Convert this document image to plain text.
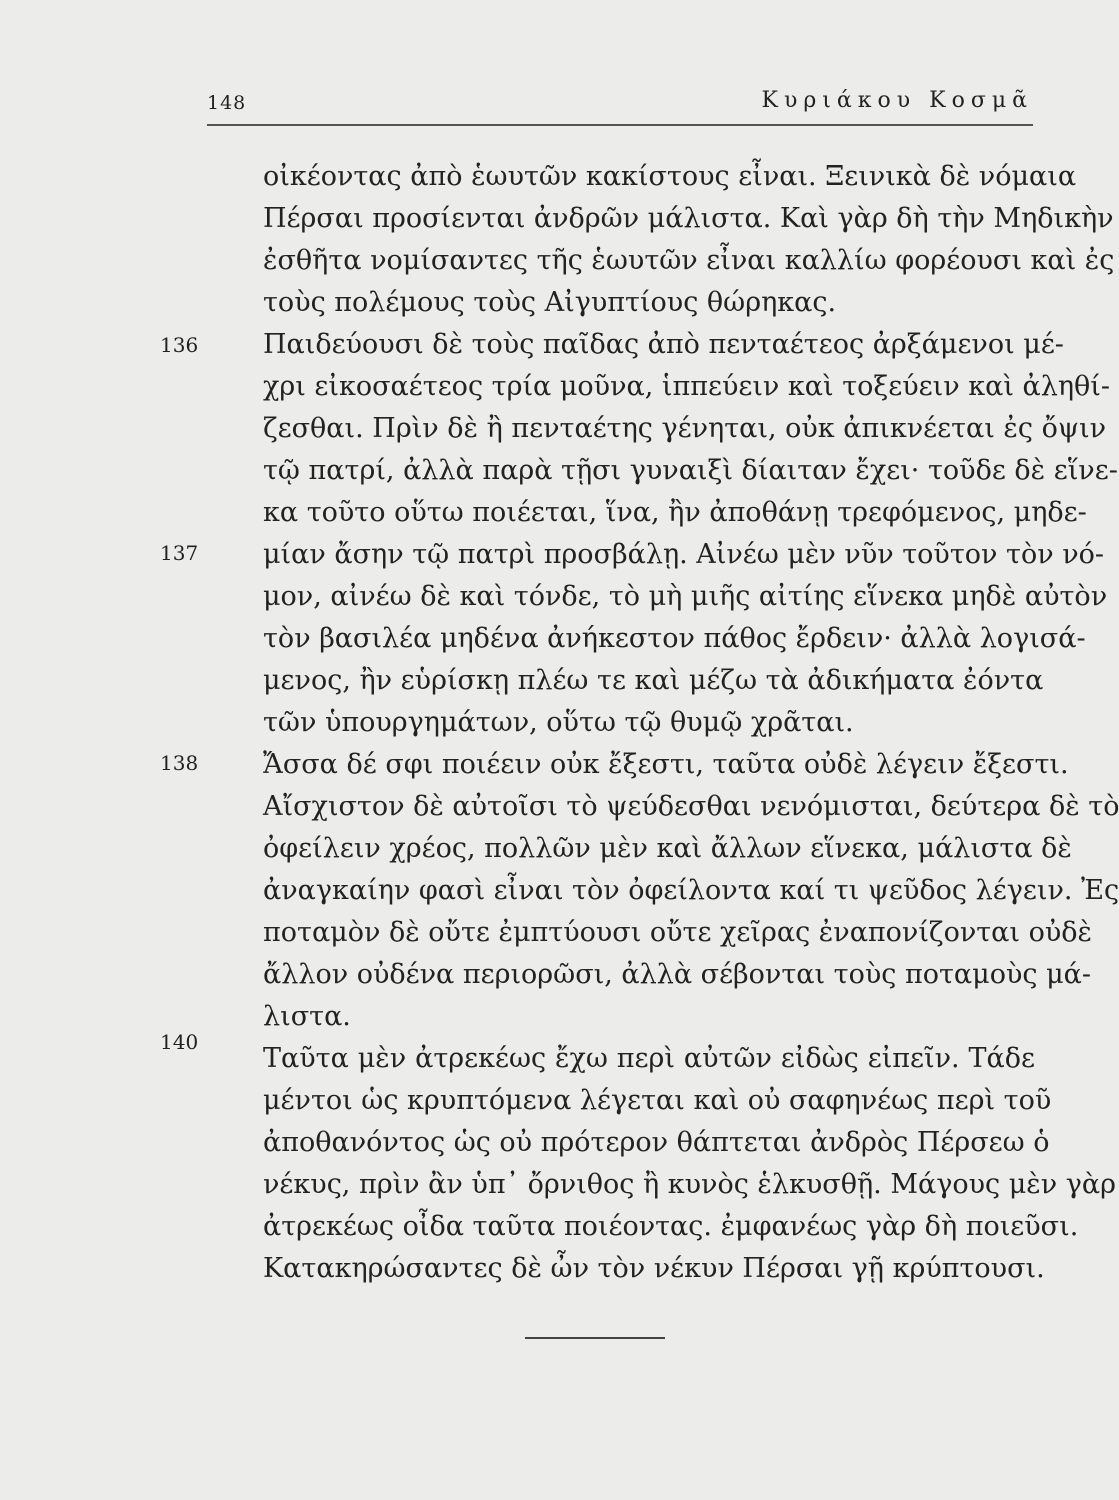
148	Κυριάκου Κοσμᾶ
136
137
138
140
οἰκέοντας ἀπὸ ἑωυτῶν κακίστους εἶναι. Ξεινικὰ δὲ νόμαια
Πέρσαι προσίενται ἀνδρῶν μάλιστα. Καὶ γὰρ δὴ τὴν Μηδικὴν
ἐσθῆτα νομίσαντες τῆς ἑωυτῶν εἶναι καλλίω φορέουσι καὶ ἐς
τοὺς πολέμους τοὺς Αἰγυπτίους θώρηκας.
Παιδεύουσι δὲ τοὺς παῖδας ἀπὸ πενταέτεος ἀρξάμενοι μέ-
χρι εἰκοσαέτεος τρία μοῦνα, ἱππεύειν καὶ τοξεύειν καὶ ἀληθί-
ζεσθαι. Πρὶν δὲ ἢ πενταέτης γένηται, οὐκ ἀπικνέεται ἐς ὄψιν
τῷ πατρί, ἀλλὰ παρὰ τῇσι γυναιξὶ δίαιταν ἔχει· τοῦδε δὲ εἵνε-
κα τοῦτο οὕτω ποιέεται, ἵνα, ἢν ἀποθάνῃ τρεφόμενος, μηδε-
μίαν ἄσην τῷ πατρὶ προσβάλῃ. Αἰνέω μὲν νῦν τοῦτον τὸν νό-
μον, αἰνέω δὲ καὶ τόνδε, τὸ μὴ μιῆς αἰτίης εἵνεκα μηδὲ αὐτὸν
τὸν βασιλέα μηδένα ἀνήκεστον πάθος ἔρδειν· ἀλλὰ λογισά-
μενος, ἢν εὑρίσκῃ πλέω τε καὶ μέζω τὰ ἀδικήματα ἐόντα
τῶν ὑπουργημάτων, οὕτω τῷ θυμῷ χρᾶται.
Ἄσσα δέ σφι ποιέειν οὐκ ἔξεστι, ταῦτα οὐδὲ λέγειν ἔξεστι.
Αἴσχιστον δὲ αὐτοῖσι τὸ ψεύδεσθαι νενόμισται, δεύτερα δὲ τὸ
ὀφείλειν χρέος, πολλῶν μὲν καὶ ἄλλων εἵνεκα, μάλιστα δὲ
ἀναγκαίην φασὶ εἶναι τὸν ὀφείλοντα καί τι ψεῦδος λέγειν. Ἐς
ποταμὸν δὲ οὔτε ἐμπτύουσι οὔτε χεῖρας ἐναπονίζονται οὐδὲ
ἄλλον οὐδένα περιορῶσι, ἀλλὰ σέβονται τοὺς ποταμοὺς μά-
λιστα.
Ταῦτα μὲν ἀτρεκέως ἔχω περὶ αὐτῶν εἰδὼς εἰπεῖν. Τάδε
μέντοι ὡς κρυπτόμενα λέγεται καὶ οὐ σαφηνέως περὶ τοῦ
ἀποθανόντος ὡς οὐ πρότερον θάπτεται ἀνδρὸς Πέρσεω ὁ
νέκυς, πρὶν ἂν ὑπ᾽ ὄρνιθος ἢ κυνὸς ἑλκυσθῇ. Μάγους μὲν γὰρ
ἀτρεκέως οἶδα ταῦτα ποιέοντας. ἐμφανέως γὰρ δὴ ποιεῦσι.
Κατακηρώσαντες δὲ ὦν τὸν νέκυν Πέρσαι γῇ κρύπτουσι.
